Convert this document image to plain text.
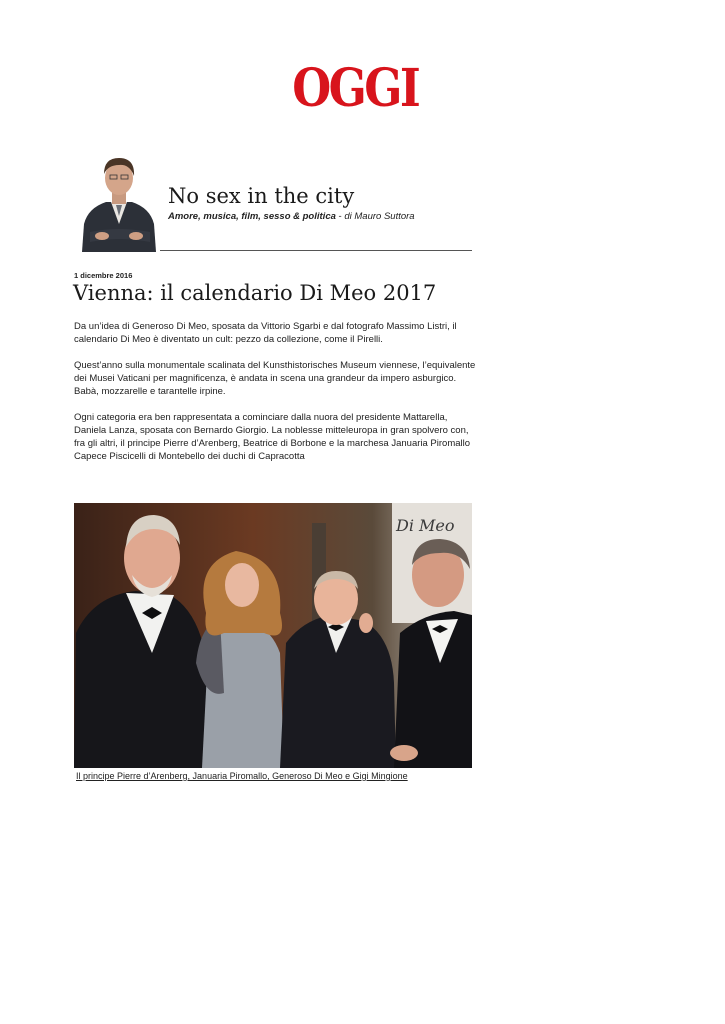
OGGI
No sex in the city
Amore, musica, film, sesso & politica - di Mauro Suttora
1 dicembre 2016
Vienna: il calendario Di Meo 2017

Da un’idea di Generoso Di Meo, sposata da Vittorio Sgarbi e dal fotografo Massimo Listri, il calendario Di Meo è diventato un cult: pezzo da collezione, come il Pirelli.

Quest’anno sulla monumentale scalinata del Kunsthistorisches Museum viennese, l’equivalente dei Musei Vaticani per magnificenza, è andata in scena una grandeur da impero asburgico. Babà, mozzarelle e tarantelle irpine.

Ogni categoria era ben rappresentata a cominciare dalla nuora del presidente Mattarella, Daniela Lanza, sposata con Bernardo Giorgio. La noblesse mitteleuropa in gran spolvero con, fra gli altri, il principe Pierre d’Arenberg, Beatrice di Borbone e la marchesa Januaria Piromallo Capece Piscicelli di Montebello dei duchi di Capracotta

Di Meo
Il principe Pierre d’Arenberg, Januaria Piromallo, Generoso Di Meo e Gigi Mingione
